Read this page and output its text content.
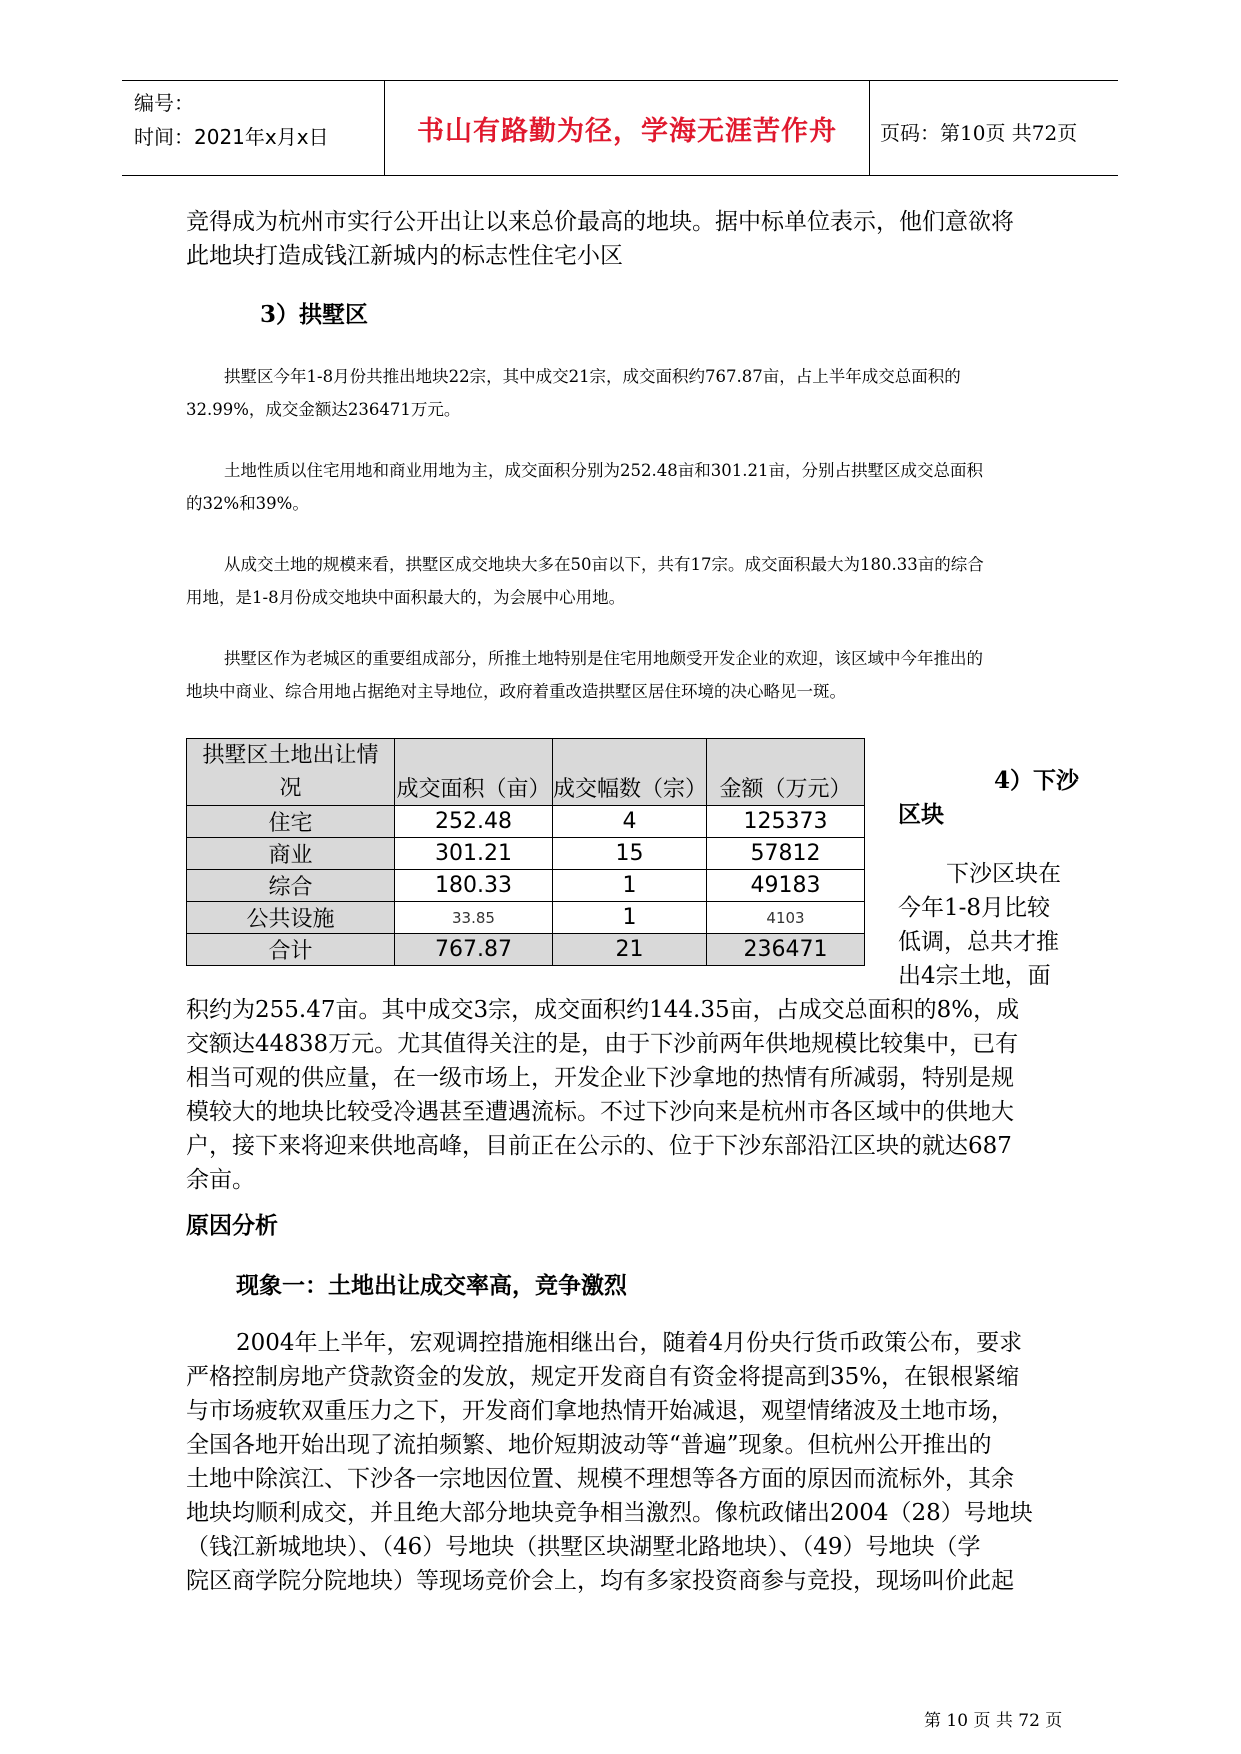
编号：
时间：2021年x月x日	书山有路勤为径，学海无涯苦作舟	页码：第10页 共72页
竞得成为杭州市实行公开出让以来总价最高的地块。据中标单位表示，他们意欲将
此地块打造成钱江新城内的标志性住宅小区
3）拱墅区
拱墅区今年1-8月份共推出地块22宗，其中成交21宗，成交面积约767.87亩，占上半年成交总面积的
32.99%，成交金额达236471万元。
土地性质以住宅用地和商业用地为主，成交面积分别为252.48亩和301.21亩，分别占拱墅区成交总面积
的32%和39%。
从成交土地的规模来看，拱墅区成交地块大多在50亩以下，共有17宗。成交面积最大为180.33亩的综合
用地，是1-8月份成交地块中面积最大的，为会展中心用地。
拱墅区作为老城区的重要组成部分，所推土地特别是住宅用地颇受开发企业的欢迎，该区域中今年推出的
地块中商业、综合用地占据绝对主导地位，政府着重改造拱墅区居住环境的决心略见一斑。
拱墅区土地出让情
况	成交面积（亩）	成交幅数（宗）	金额（万元）
住宅	252.48	4	125373
商业	301.21	15	57812
综合	180.33	1	49183
公共设施	33.85	1	4103
合计	767.87	21	236471
4）下沙
区块
下沙区块在
今年1-8月比较
低调，总共才推
出4宗土地，面
积约为255.47亩。其中成交3宗，成交面积约144.35亩，占成交总面积的8%，成
交额达44838万元。尤其值得关注的是，由于下沙前两年供地规模比较集中，已有
相当可观的供应量，在一级市场上，开发企业下沙拿地的热情有所减弱，特别是规
模较大的地块比较受冷遇甚至遭遇流标。不过下沙向来是杭州市各区域中的供地大
户，接下来将迎来供地高峰，目前正在公示的、位于下沙东部沿江区块的就达687
余亩。
原因分析
现象一：土地出让成交率高，竞争激烈
2004年上半年，宏观调控措施相继出台，随着4月份央行货币政策公布，要求
严格控制房地产贷款资金的发放，规定开发商自有资金将提高到35%，在银根紧缩
与市场疲软双重压力之下，开发商们拿地热情开始减退，观望情绪波及土地市场，
全国各地开始出现了流拍频繁、地价短期波动等“普遍”现象。但杭州公开推出的
土地中除滨江、下沙各一宗地因位置、规模不理想等各方面的原因而流标外，其余
地块均顺利成交，并且绝大部分地块竞争相当激烈。像杭政储出2004（28）号地块
（钱江新城地块）、（46）号地块（拱墅区块湖墅北路地块）、（49）号地块（学
院区商学院分院地块）等现场竞价会上，均有多家投资商参与竞投，现场叫价此起
第 10 页 共 72 页
